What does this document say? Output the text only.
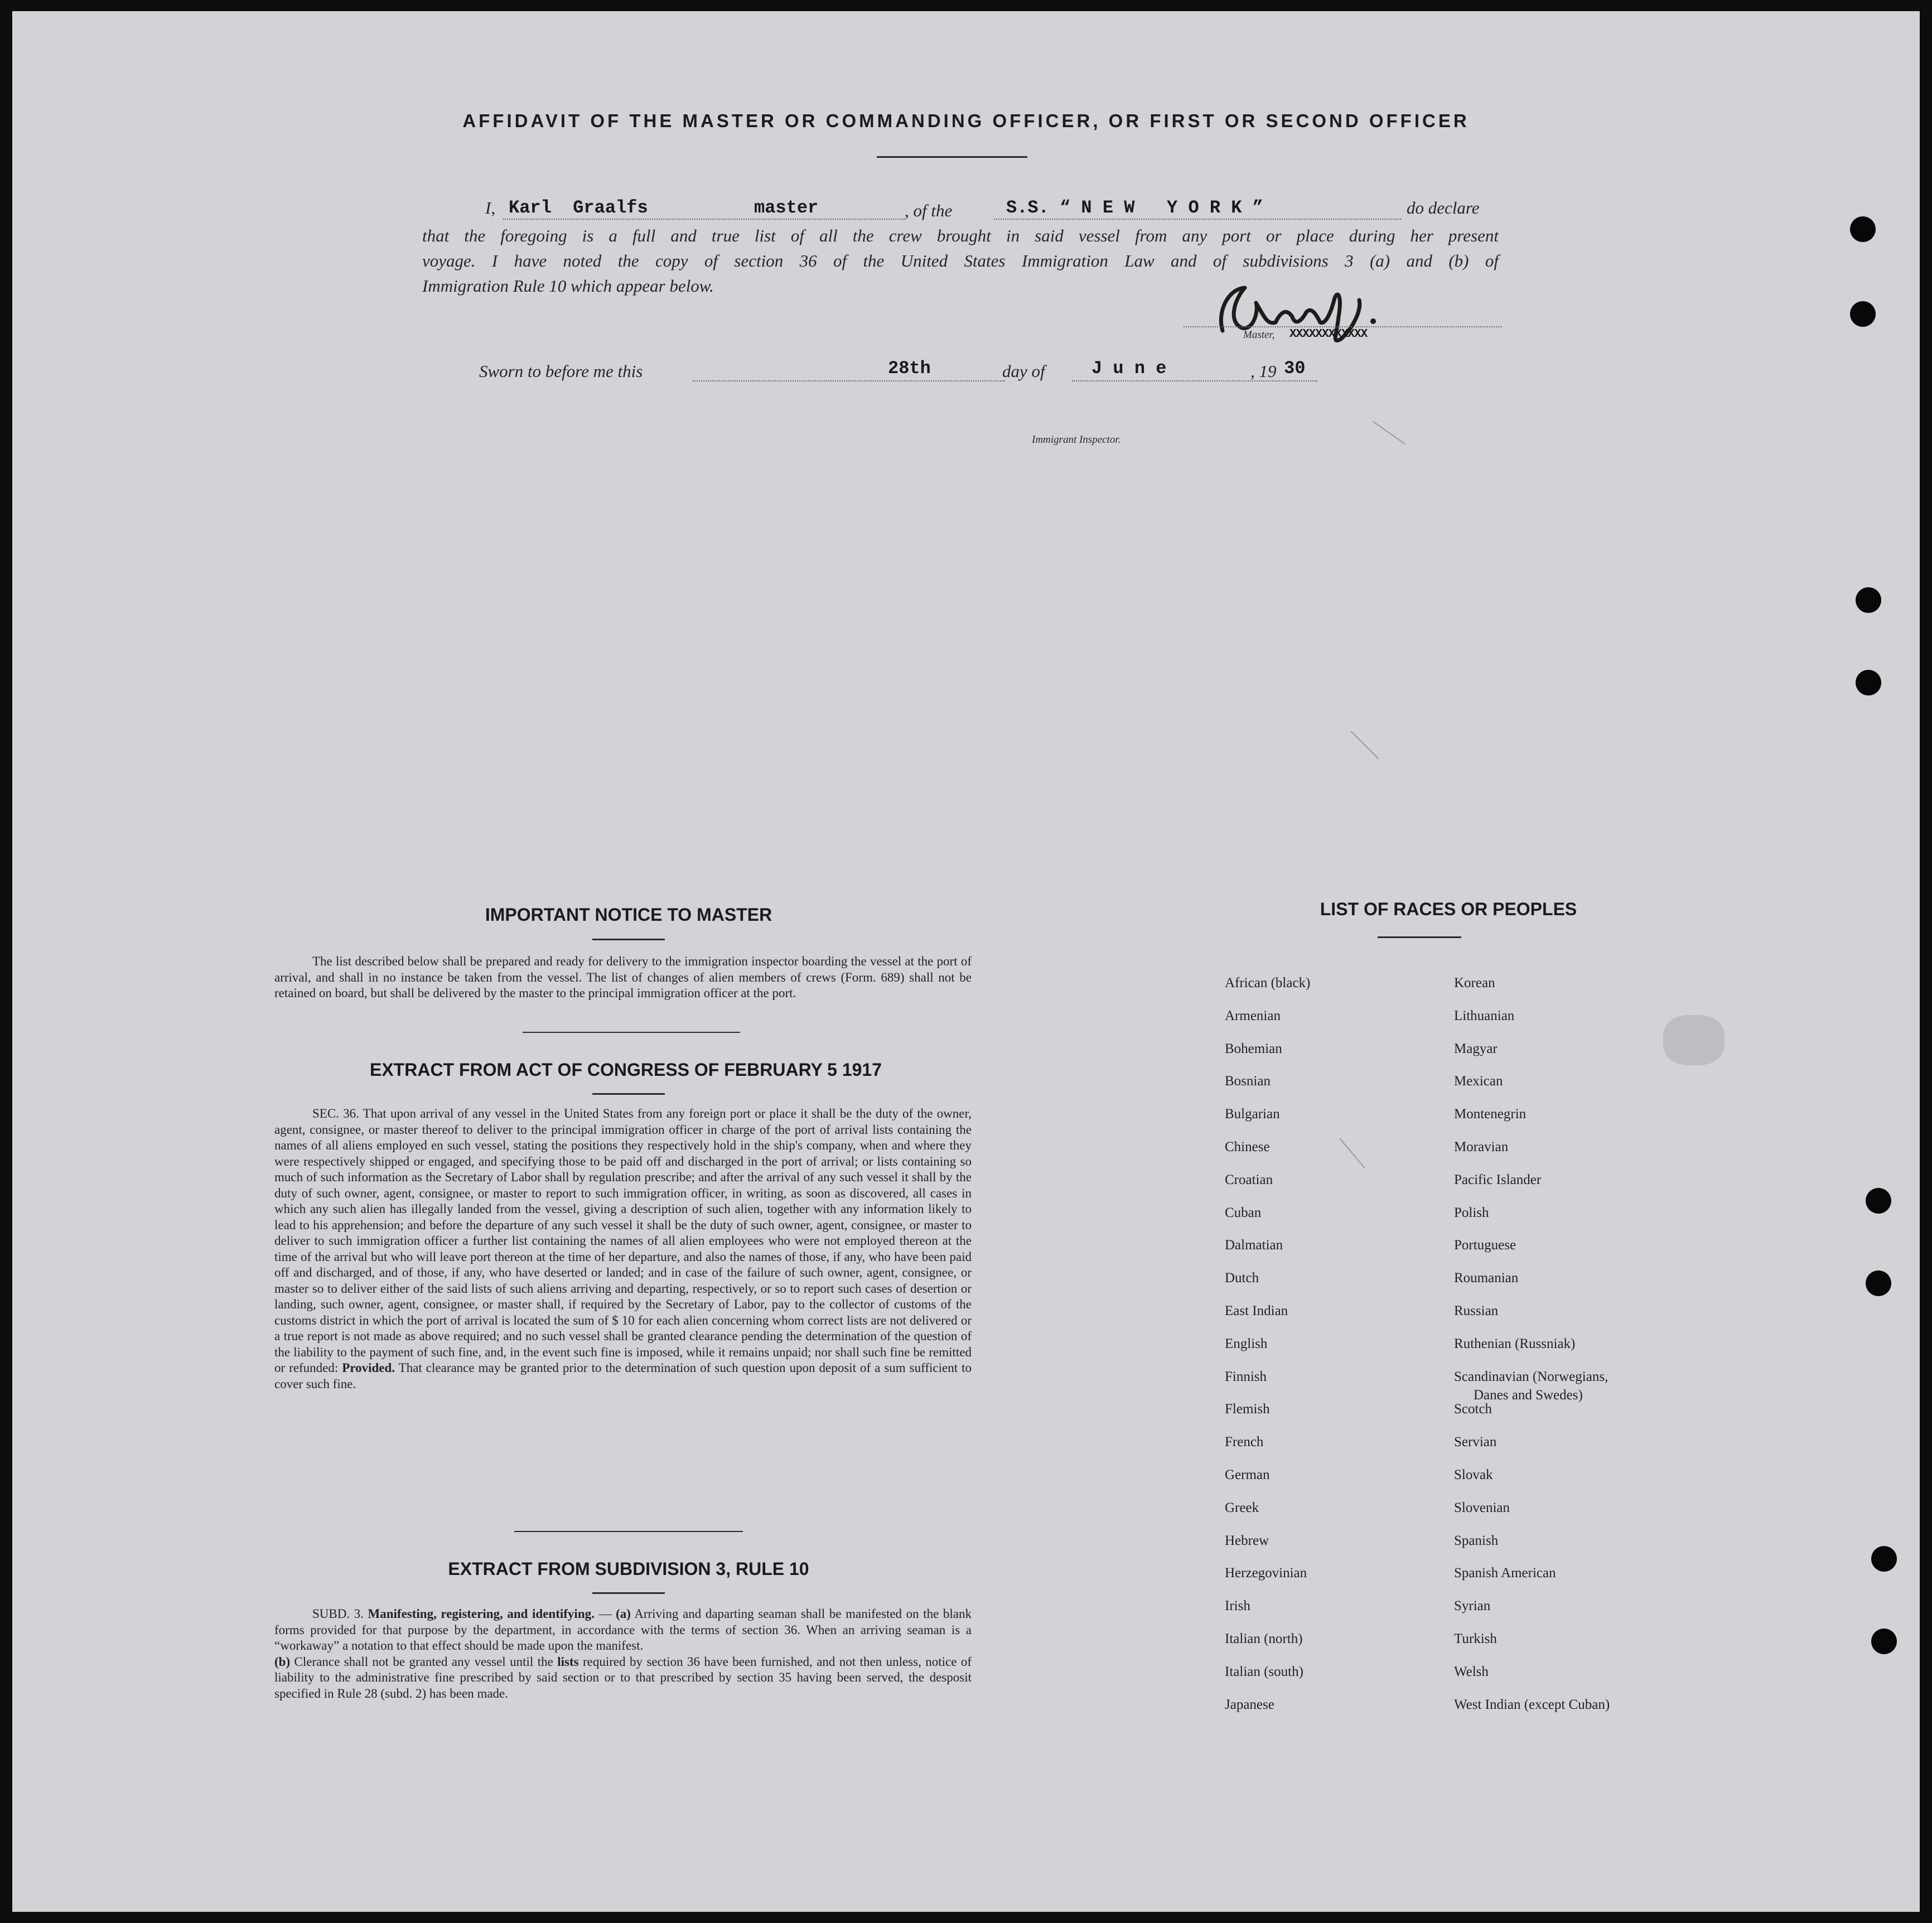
AFFIDAVIT OF THE MASTER OR COMMANDING OFFICER, OR FIRST OR SECOND OFFICER
I, Karl  Graalfs	master	, of the	S.S. “ N E W   Y O R K ”	do declare
that the foregoing is a full and true list of all the crew brought in said vessel from any port or place during her present
voyage. I have noted the copy of section 36 of the United States Immigration Law and of subdivisions 3 (a) and (b) of
Immigration Rule 10 which appear below.
Master, XXXXXXXXXXXX
Sworn to before me this	28th	day of	J u n e	, 19 30
Immigrant Inspector.
IMPORTANT NOTICE TO MASTER

The list described below shall be prepared and ready for delivery to the immigration inspector boarding the vessel at the port of arrival, and shall in no instance be taken from the vessel. The list of changes of alien members of crews (Form. 689) shall not be retained on board, but shall be delivered by the master to the principal immigration officer at the port.

EXTRACT FROM ACT OF CONGRESS OF FEBRUARY 5 1917

SEC. 36. That upon arrival of any vessel in the United States from any foreign port or place it shall be the duty of the owner, agent, consignee, or master thereof to deliver to the principal immigration officer in charge of the port of arrival lists containing the names of all aliens employed en such vessel, stating the positions they respectively hold in the ship's company, when and where they were respectively shipped or engaged, and specifying those to be paid off and discharged in the port of arrival; or lists containing so much of such information as the Secretary of Labor shall by regulation prescribe; and after the arrival of any such vessel it shall by the duty of such owner, agent, consignee, or master to report to such immigration officer, in writing, as soon as discovered, all cases in which any such alien has illegally landed from the vessel, giving a description of such alien, together with any information likely to lead to his apprehension; and before the departure of any such vessel it shall be the duty of such owner, agent, consignee, or master to deliver to such immigration officer a further list containing the names of all alien employees who were not employed thereon at the time of the arrival but who will leave port thereon at the time of her departure, and also the names of those, if any, who have been paid off and discharged, and of those, if any, who have deserted or landed; and in case of the failure of such owner, agent, consignee, or master so to deliver either of the said lists of such aliens arriving and departing, respectively, or so to report such cases of desertion or landing, such owner, agent, consignee, or master shall, if required by the Secretary of Labor, pay to the collector of customs of the customs district in which the port of arrival is located the sum of $ 10 for each alien concerning whom correct lists are not delivered or a true report is not made as above required; and no such vessel shall be granted clearance pending the determination of the question of the liability to the payment of such fine, and, in the event such fine is imposed, while it remains unpaid; nor shall such fine be remitted or refunded: Provided. That clearance may be granted prior to the determination of such question upon deposit of a sum sufficient to cover such fine.

EXTRACT FROM SUBDIVISION 3, RULE 10

SUBD. 3. Manifesting, registering, and identifying. — (a) Arriving and daparting seaman shall be manifested on the blank forms provided for that purpose by the department, in accordance with the terms of section 36. When an arriving seaman is a “workaway” a notation to that effect should be made upon the manifest.

(b) Clerance shall not be granted any vessel until the lists required by section 36 have been furnished, and not then unless, notice of liability to the administrative fine prescribed by said section or to that prescribed by section 35 having been served, the desposit specified in Rule 28 (subd. 2) has been made.

LIST OF RACES OR PEOPLES
African (black)
Armenian
Bohemian
Bosnian
Bulgarian
Chinese
Croatian
Cuban
Dalmatian
Dutch
East Indian
English
Finnish
Flemish
French
German
Greek
Hebrew
Herzegovinian
Irish
Italian (north)
Italian (south)
Japanese
Korean
Lithuanian
Magyar
Mexican
Montenegrin
Moravian
Pacific Islander
Polish
Portuguese
Roumanian
Russian
Ruthenian (Russniak)
Scandinavian (Norwegians,
Scotch
Servian
Slovak
Slovenian
Spanish
Spanish American
Syrian
Turkish
Welsh
West Indian (except Cuban)
Danes and Swedes)
